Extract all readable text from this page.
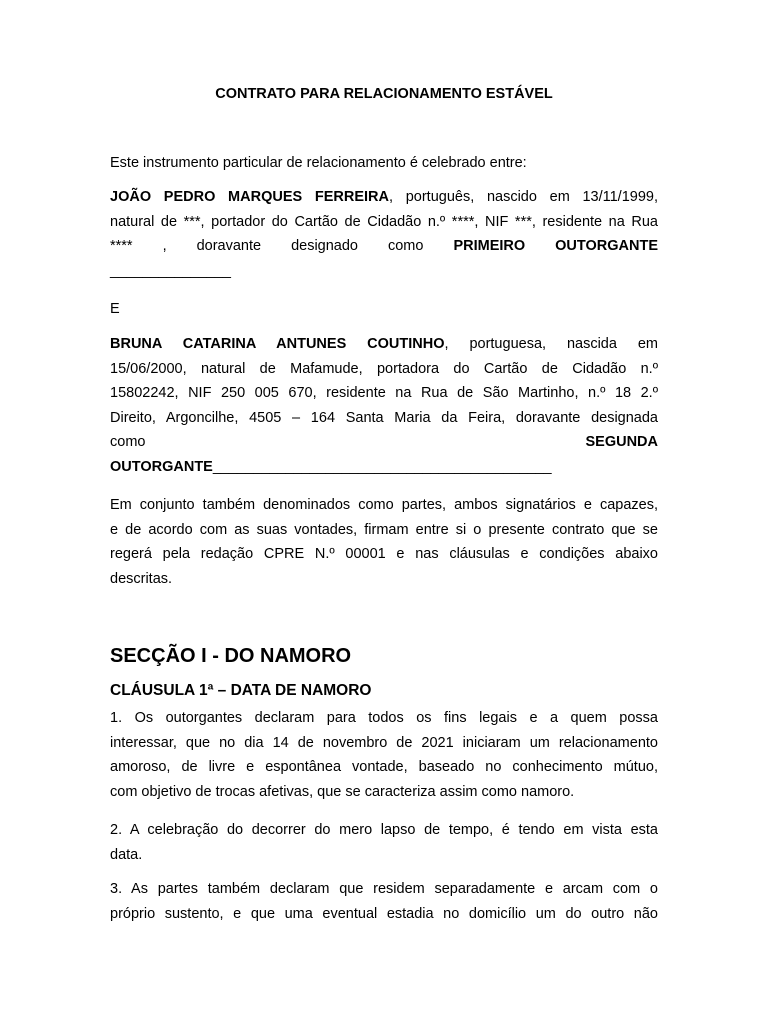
CONTRATO PARA RELACIONAMENTO ESTÁVEL
Este instrumento particular de relacionamento é celebrado entre:
JOÃO PEDRO MARQUES FERREIRA, português, nascido em 13/11/1999,
natural de ***, portador do Cartão de Cidadão n.º ****, NIF ***, residente na Rua
**** , doravante designado como PRIMEIRO OUTORGANTE
_______________
E
BRUNA CATARINA ANTUNES COUTINHO, portuguesa, nascida em
15/06/2000, natural de Mafamude, portadora do Cartão de Cidadão n.º
15802242, NIF 250 005 670, residente na Rua de São Martinho, n.º 18 2.º
Direito, Argoncilhe, 4505 – 164 Santa Maria da Feira, doravante designada
como	SEGUNDA
OUTORGANTE__________________________________________
Em conjunto também denominados como partes, ambos signatários e capazes,
e de acordo com as suas vontades, firmam entre si o presente contrato que se
regerá pela redação CPRE N.º 00001 e nas cláusulas e condições abaixo
descritas.
SECÇÃO I - DO NAMORO
CLÁUSULA 1ª – DATA DE NAMORO
1. Os outorgantes declaram para todos os fins legais e a quem possa
interessar, que no dia 14 de novembro de 2021 iniciaram um relacionamento
amoroso, de livre e espontânea vontade, baseado no conhecimento mútuo,
com objetivo de trocas afetivas, que se caracteriza assim como namoro.
2. A celebração do decorrer do mero lapso de tempo, é tendo em vista esta
data.
3. As partes também declaram que residem separadamente e arcam com o
próprio sustento, e que uma eventual estadia no domicílio um do outro não
